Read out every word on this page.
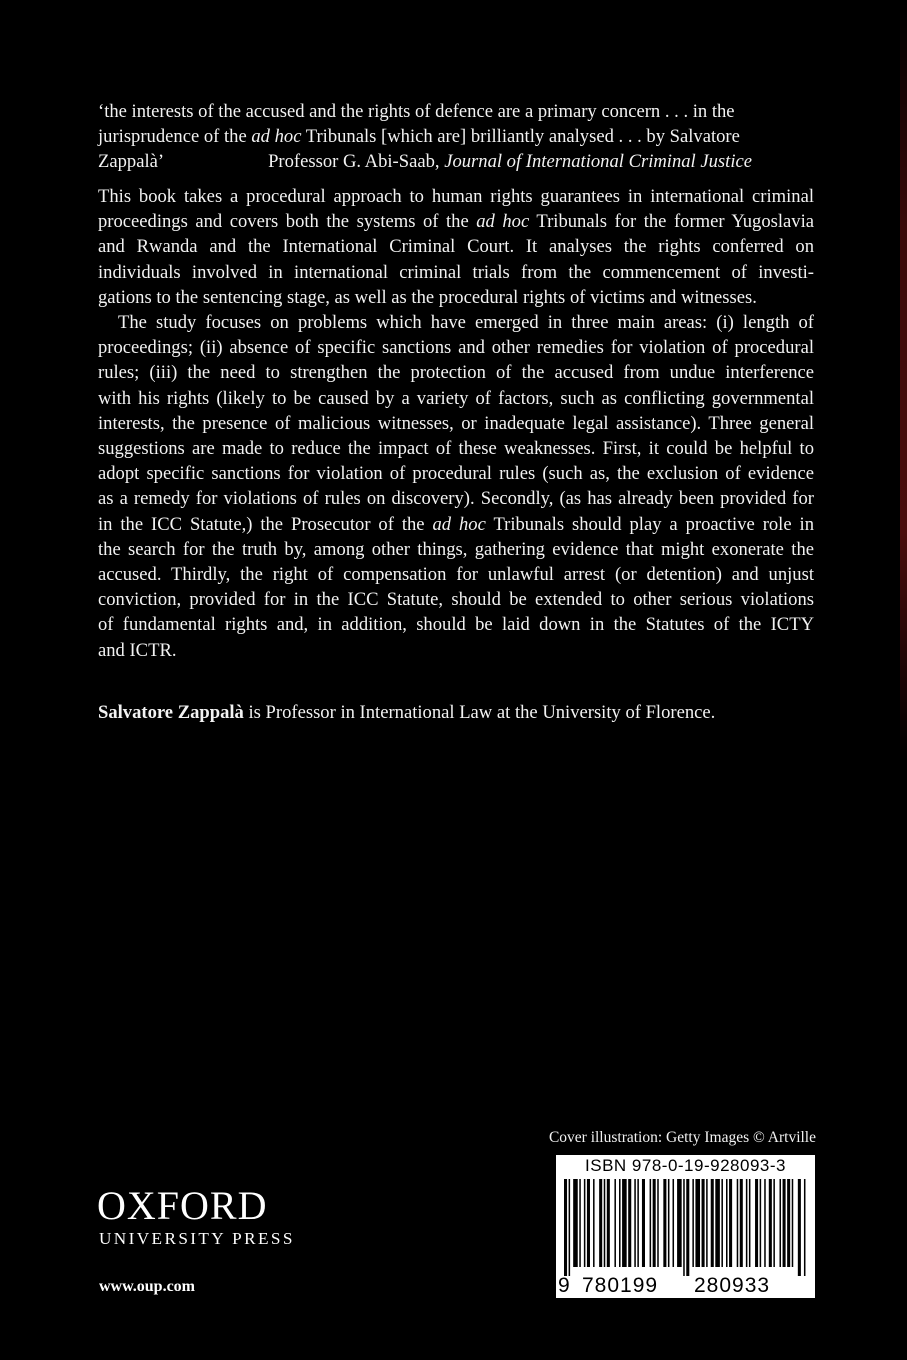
‘the interests of the accused and the rights of defence are a primary concern . . . in the
jurisprudence of the ad hoc Tribunals [which are] brilliantly analysed . . . by Salvatore
Zappalà’	Professor G. Abi-Saab, Journal of International Criminal Justice
This book takes a procedural approach to human rights guarantees in international criminal
proceedings and covers both the systems of the ad hoc Tribunals for the former Yugoslavia
and Rwanda and the International Criminal Court. It analyses the rights conferred on
individuals involved in international criminal trials from the commencement of investi-
gations to the sentencing stage, as well as the procedural rights of victims and witnesses.
The study focuses on problems which have emerged in three main areas: (i) length of
proceedings; (ii) absence of specific sanctions and other remedies for violation of procedural
rules; (iii) the need to strengthen the protection of the accused from undue interference
with his rights (likely to be caused by a variety of factors, such as conflicting governmental
interests, the presence of malicious witnesses, or inadequate legal assistance). Three general
suggestions are made to reduce the impact of these weaknesses. First, it could be helpful to
adopt specific sanctions for violation of procedural rules (such as, the exclusion of evidence
as a remedy for violations of rules on discovery). Secondly, (as has already been provided for
in the ICC Statute,) the Prosecutor of the ad hoc Tribunals should play a proactive role in
the search for the truth by, among other things, gathering evidence that might exonerate the
accused. Thirdly, the right of compensation for unlawful arrest (or detention) and unjust
conviction, provided for in the ICC Statute, should be extended to other serious violations
of fundamental rights and, in addition, should be laid down in the Statutes of the ICTY
and ICTR.
Salvatore Zappalà is Professor in International Law at the University of Florence.
Cover illustration: Getty Images © Artville
OXFORD
UNIVERSITY PRESS
www.oup.com
ISBN 978-0-19-928093-3
9 780199 280933
